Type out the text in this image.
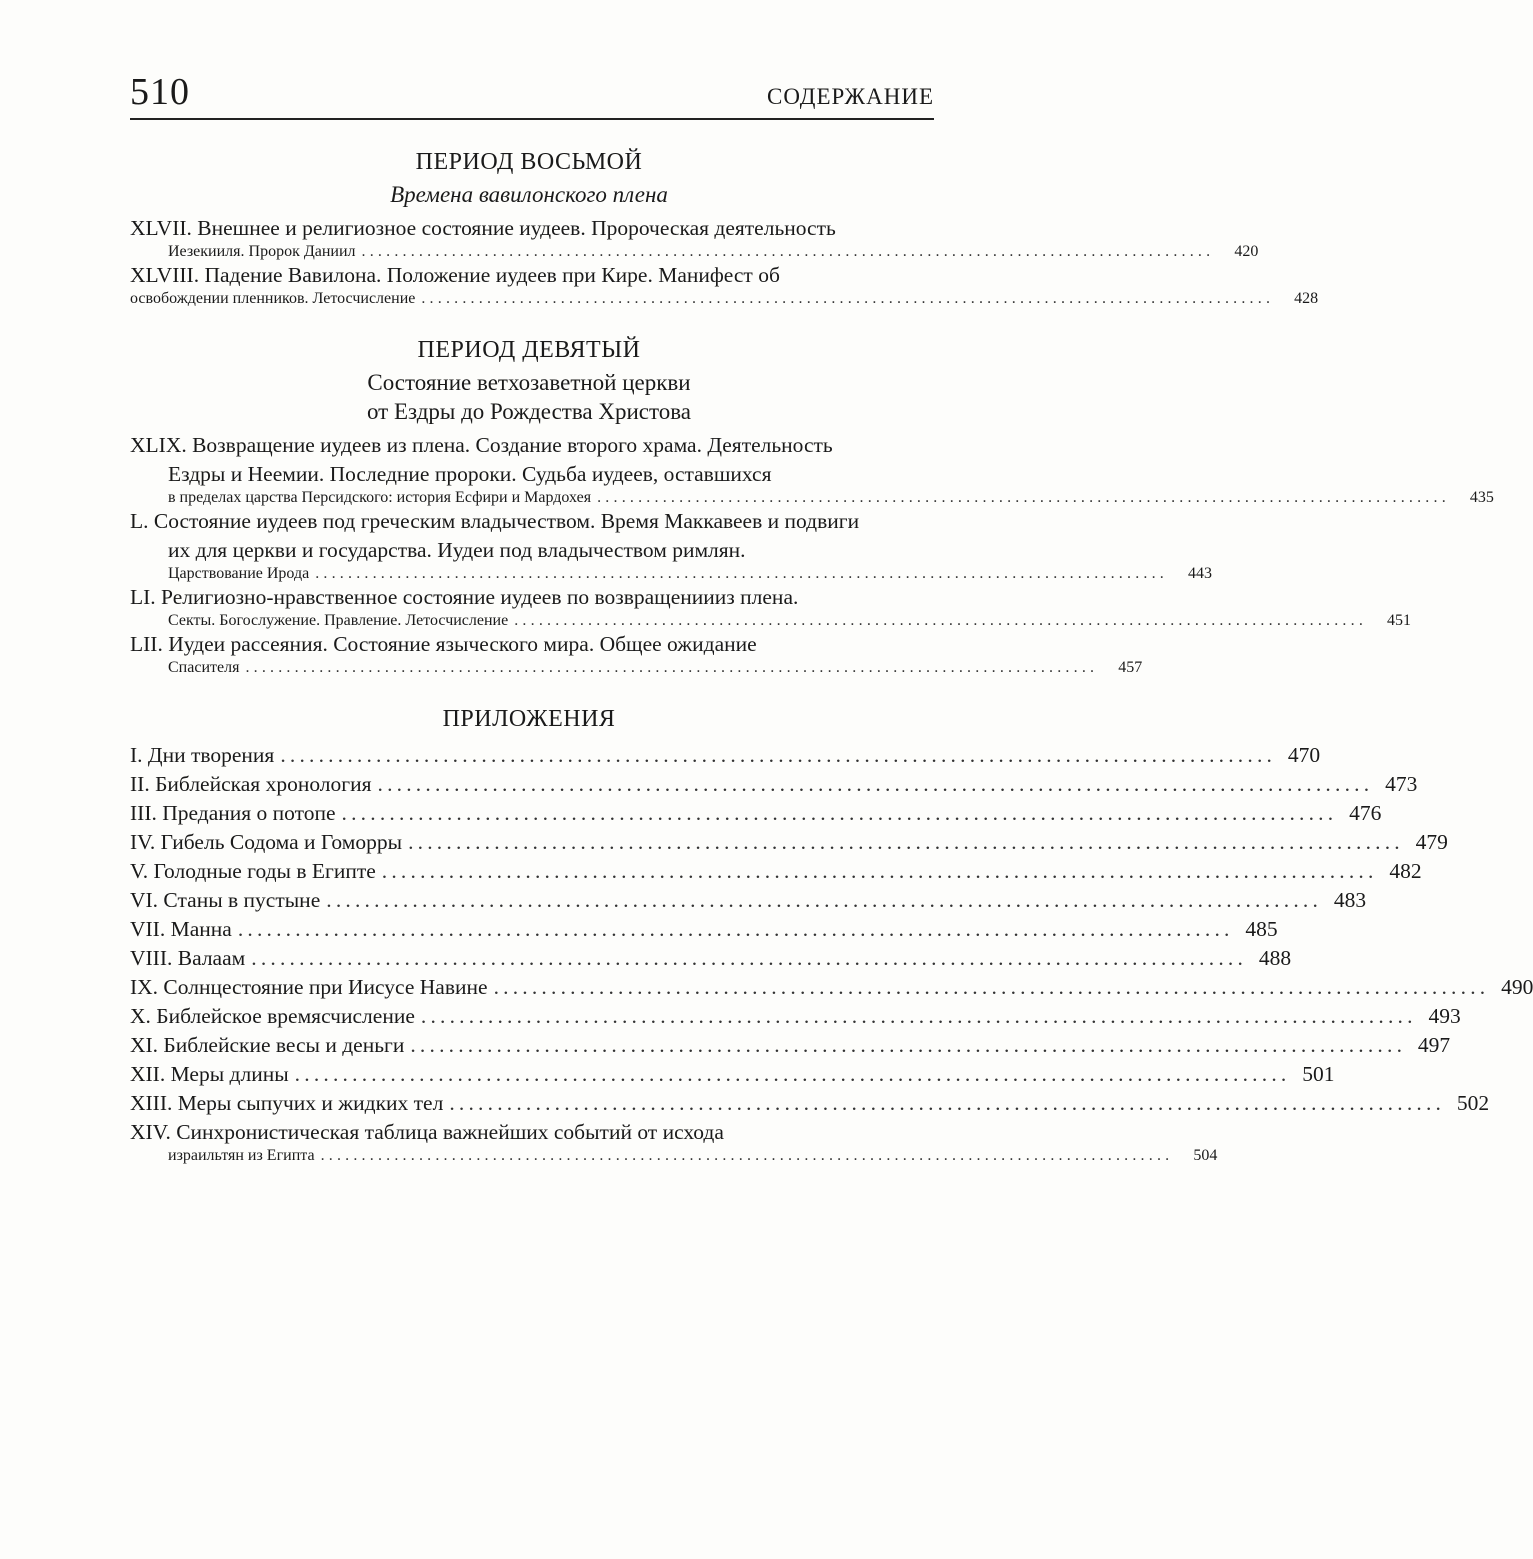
510	СОДЕРЖАНИЕ
ПЕРИОД ВОСЬМОЙ
Времена вавилонского плена
XLVII. Внешнее и религиозное состояние иудеев. Пророческая деятельность
Иезекииля. Пророк Даниил ........................................................................................................	420
XLVIII. Падение Вавилона. Положение иудеев при Кире. Манифест об
освобождении пленников. Летосчисление ........................................................................................................	428
ПЕРИОД ДЕВЯТЫЙ
Состояние ветхозаветной церкви
от Ездры до Рождества Христова
XLIX. Возвращение иудеев из плена. Создание второго храма. Деятельность
Ездры и Неемии. Последние пророки. Судьба иудеев, оставшихся
в пределах царства Персидского: история Есфири и Мардохея ........................................................................................................	435
L. Состояние иудеев под греческим владычеством. Время Маккавеев и подвиги
их для церкви и государства. Иудеи под владычеством римлян.
Царствование Ирода ........................................................................................................	443
LI. Религиозно-нравственное состояние иудеев по возвращениииз плена.
Секты. Богослужение. Правление. Летосчисление ........................................................................................................	451
LII. Иудеи рассеяния. Состояние языческого мира. Общее ожидание
Спасителя ........................................................................................................	457
ПРИЛОЖЕНИЯ
I. Дни творения ........................................................................................................ 470
II. Библейская хронология ........................................................................................................ 473
III. Предания о потопе ........................................................................................................ 476
IV. Гибель Содома и Гоморры ........................................................................................................ 479
V. Голодные годы в Египте ........................................................................................................ 482
VI. Станы в пустыне ........................................................................................................ 483
VII. Манна ........................................................................................................ 485
VIII. Валаам ........................................................................................................ 488
IX. Солнцестояние при Иисусе Навине ........................................................................................................ 490
X. Библейское времясчисление ........................................................................................................ 493
XI. Библейские весы и деньги ........................................................................................................ 497
XII. Меры длины ........................................................................................................ 501
XIII. Меры сыпучих и жидких тел ........................................................................................................ 502
XIV. Синхронистическая таблица важнейших событий от исхода
израильтян из Египта ........................................................................................................	504
